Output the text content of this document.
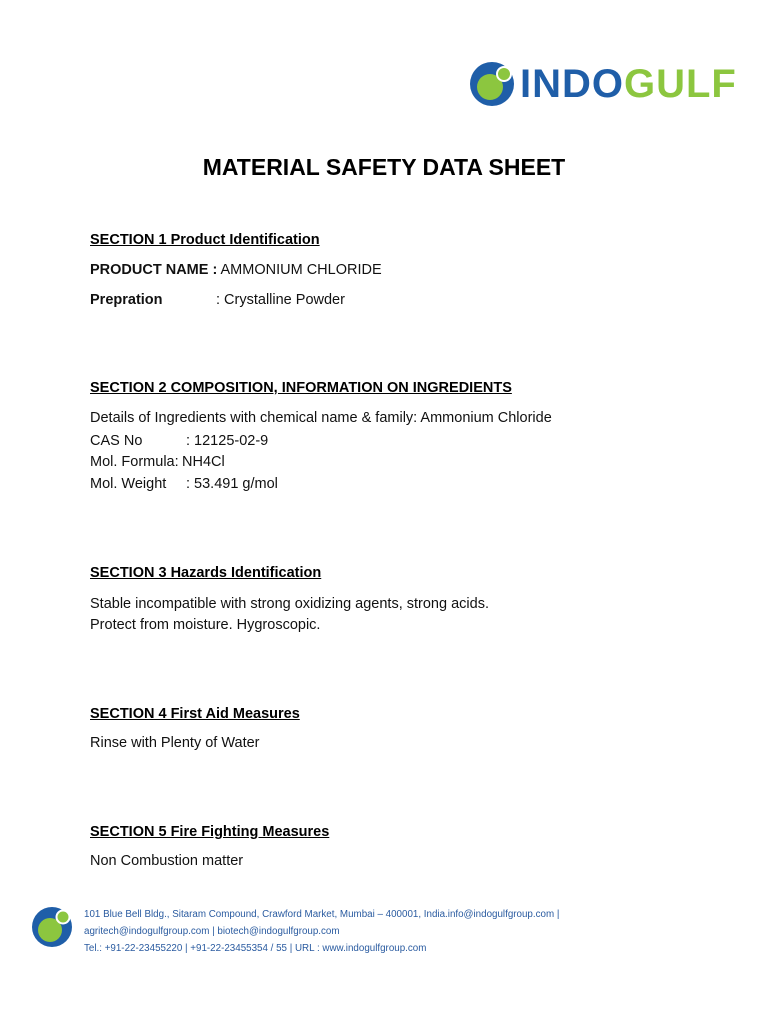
INDOGULF
MATERIAL SAFETY DATA SHEET
SECTION 1 Product Identification
PRODUCT NAME : AMMONIUM CHLORIDE
Prepration	: Crystalline Powder
SECTION 2 COMPOSITION, INFORMATION ON INGREDIENTS
Details of Ingredients with chemical name & family: Ammonium Chloride
CAS No	: 12125-02-9
Mol. Formula: NH4Cl
Mol. Weight : 53.491 g/mol
SECTION 3 Hazards Identification
Stable incompatible with strong oxidizing agents, strong acids.
Protect from moisture. Hygroscopic.
SECTION 4 First Aid Measures
Rinse with Plenty of Water
SECTION 5 Fire Fighting Measures
Non Combustion matter
101 Blue Bell Bldg., Sitaram Compound, Crawford Market, Mumbai – 400001, India.info@indogulfgroup.com |
agritech@indogulfgroup.com | biotech@indogulfgroup.com
Tel.: +91-22-23455220 | +91-22-23455354 / 55 | URL : www.indogulfgroup.com
